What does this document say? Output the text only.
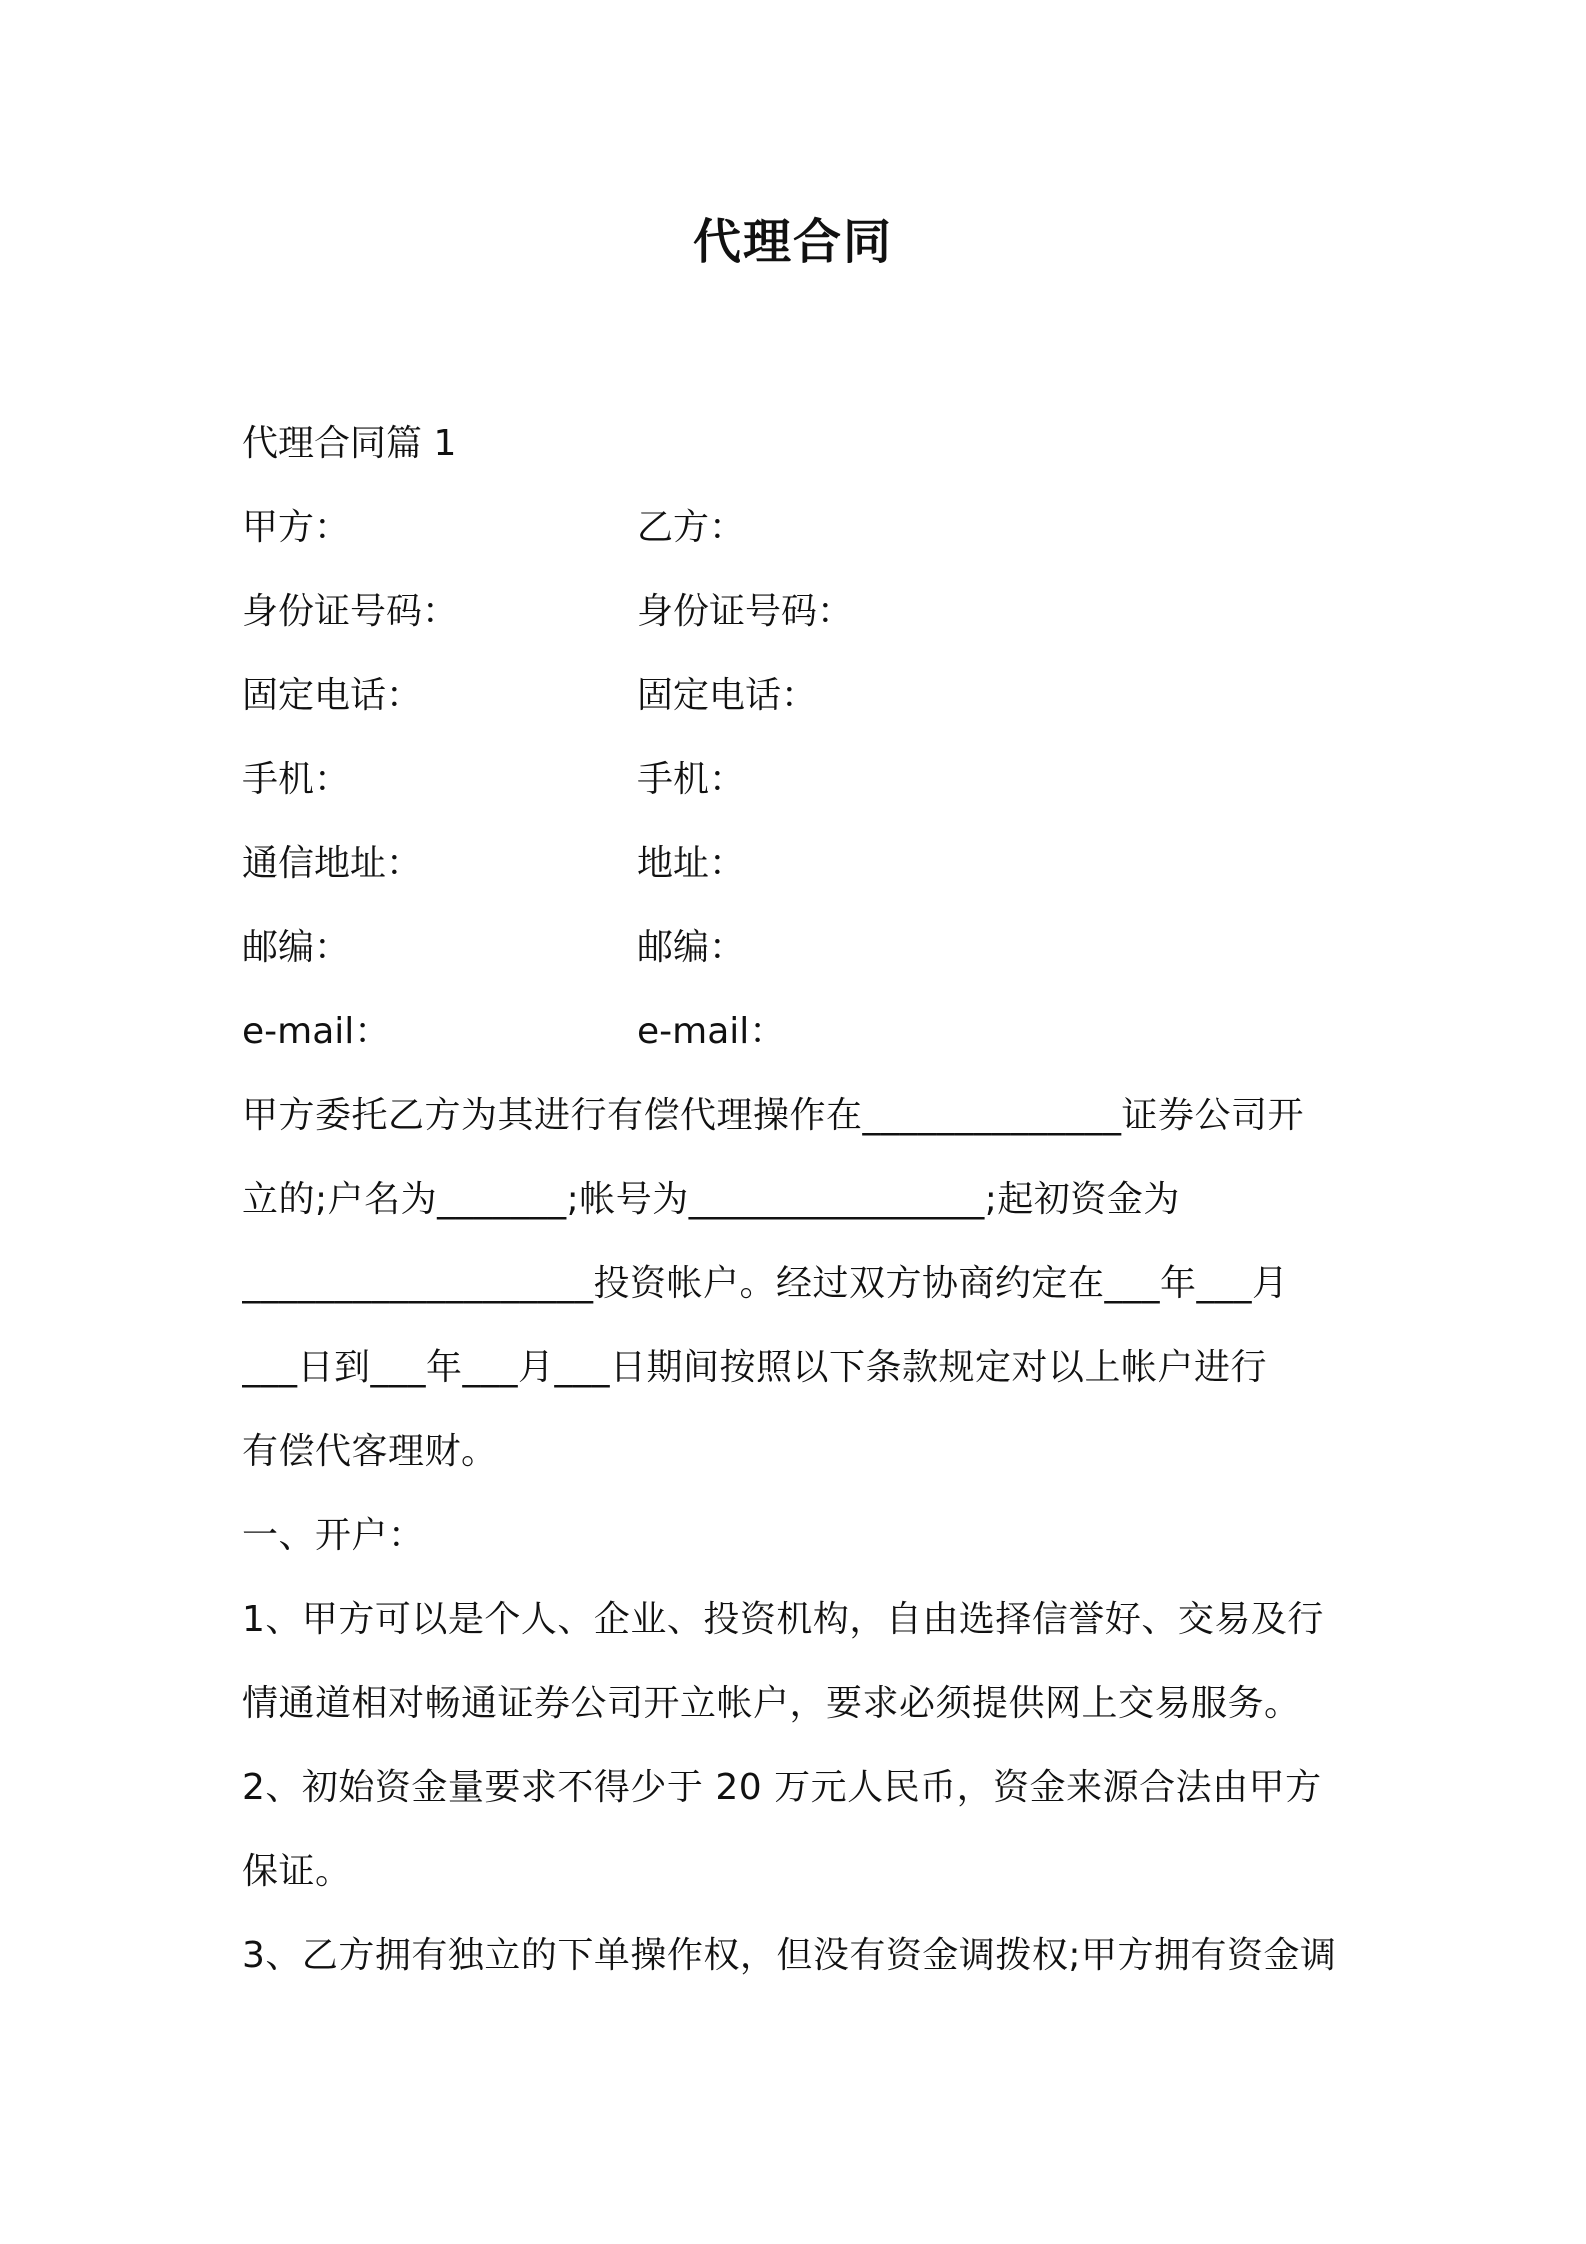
代理合同
代理合同篇 1
甲方：	乙方：
身份证号码：	身份证号码：
固定电话：	固定电话：
手机：	手机：
通信地址：	地址：
邮编：	邮编：
e-mail：	e-mail：
甲方委托乙方为其进行有偿代理操作在______________证券公司开
立的;户名为_______;帐号为________________;起初资金为
___________________投资帐户。经过双方协商约定在___年___月
___日到___年___月___日期间按照以下条款规定对以上帐户进行
有偿代客理财。
一、开户：
1、甲方可以是个人、企业、投资机构，自由选择信誉好、交易及行
情通道相对畅通证券公司开立帐户，要求必须提供网上交易服务。
2、初始资金量要求不得少于 20 万元人民币，资金来源合法由甲方
保证。
3、乙方拥有独立的下单操作权，但没有资金调拨权;甲方拥有资金调
